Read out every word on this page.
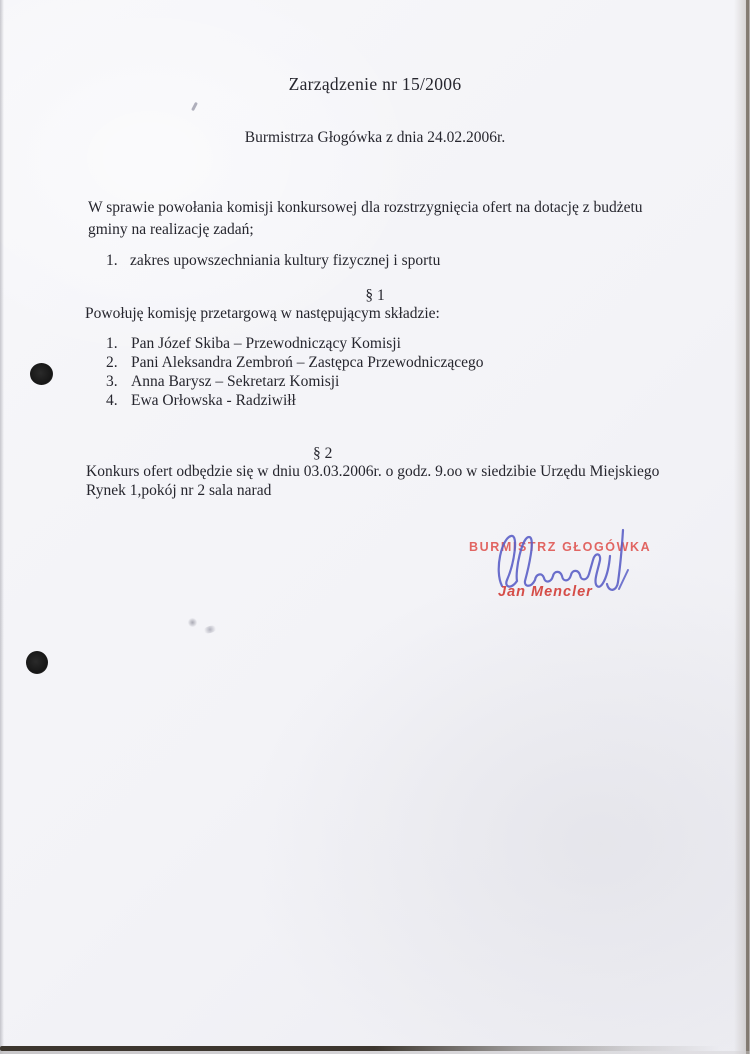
Zarządzenie nr 15/2006
Burmistrza Głogówka z dnia 24.02.2006r.
W sprawie powołania komisji konkursowej dla rozstrzygnięcia ofert na dotację z budżetu
gminy na realizację zadań;
1. zakres upowszechniania kultury fizycznej i sportu
§ 1
Powołuję komisję przetargową w następującym składzie:
1. Pan Józef Skiba – Przewodniczący Komisji
2. Pani Aleksandra Zembroń – Zastępca Przewodniczącego
3. Anna Barysz – Sekretarz Komisji
4. Ewa Orłowska - Radziwiłł
§ 2
Konkurs ofert odbędzie się w dniu 03.03.2006r. o godz. 9.oo w siedzibie Urzędu Miejskiego
Rynek 1,pokój nr 2 sala narad
BURMISTRZ GŁOGÓWKA
Jan Mencler
